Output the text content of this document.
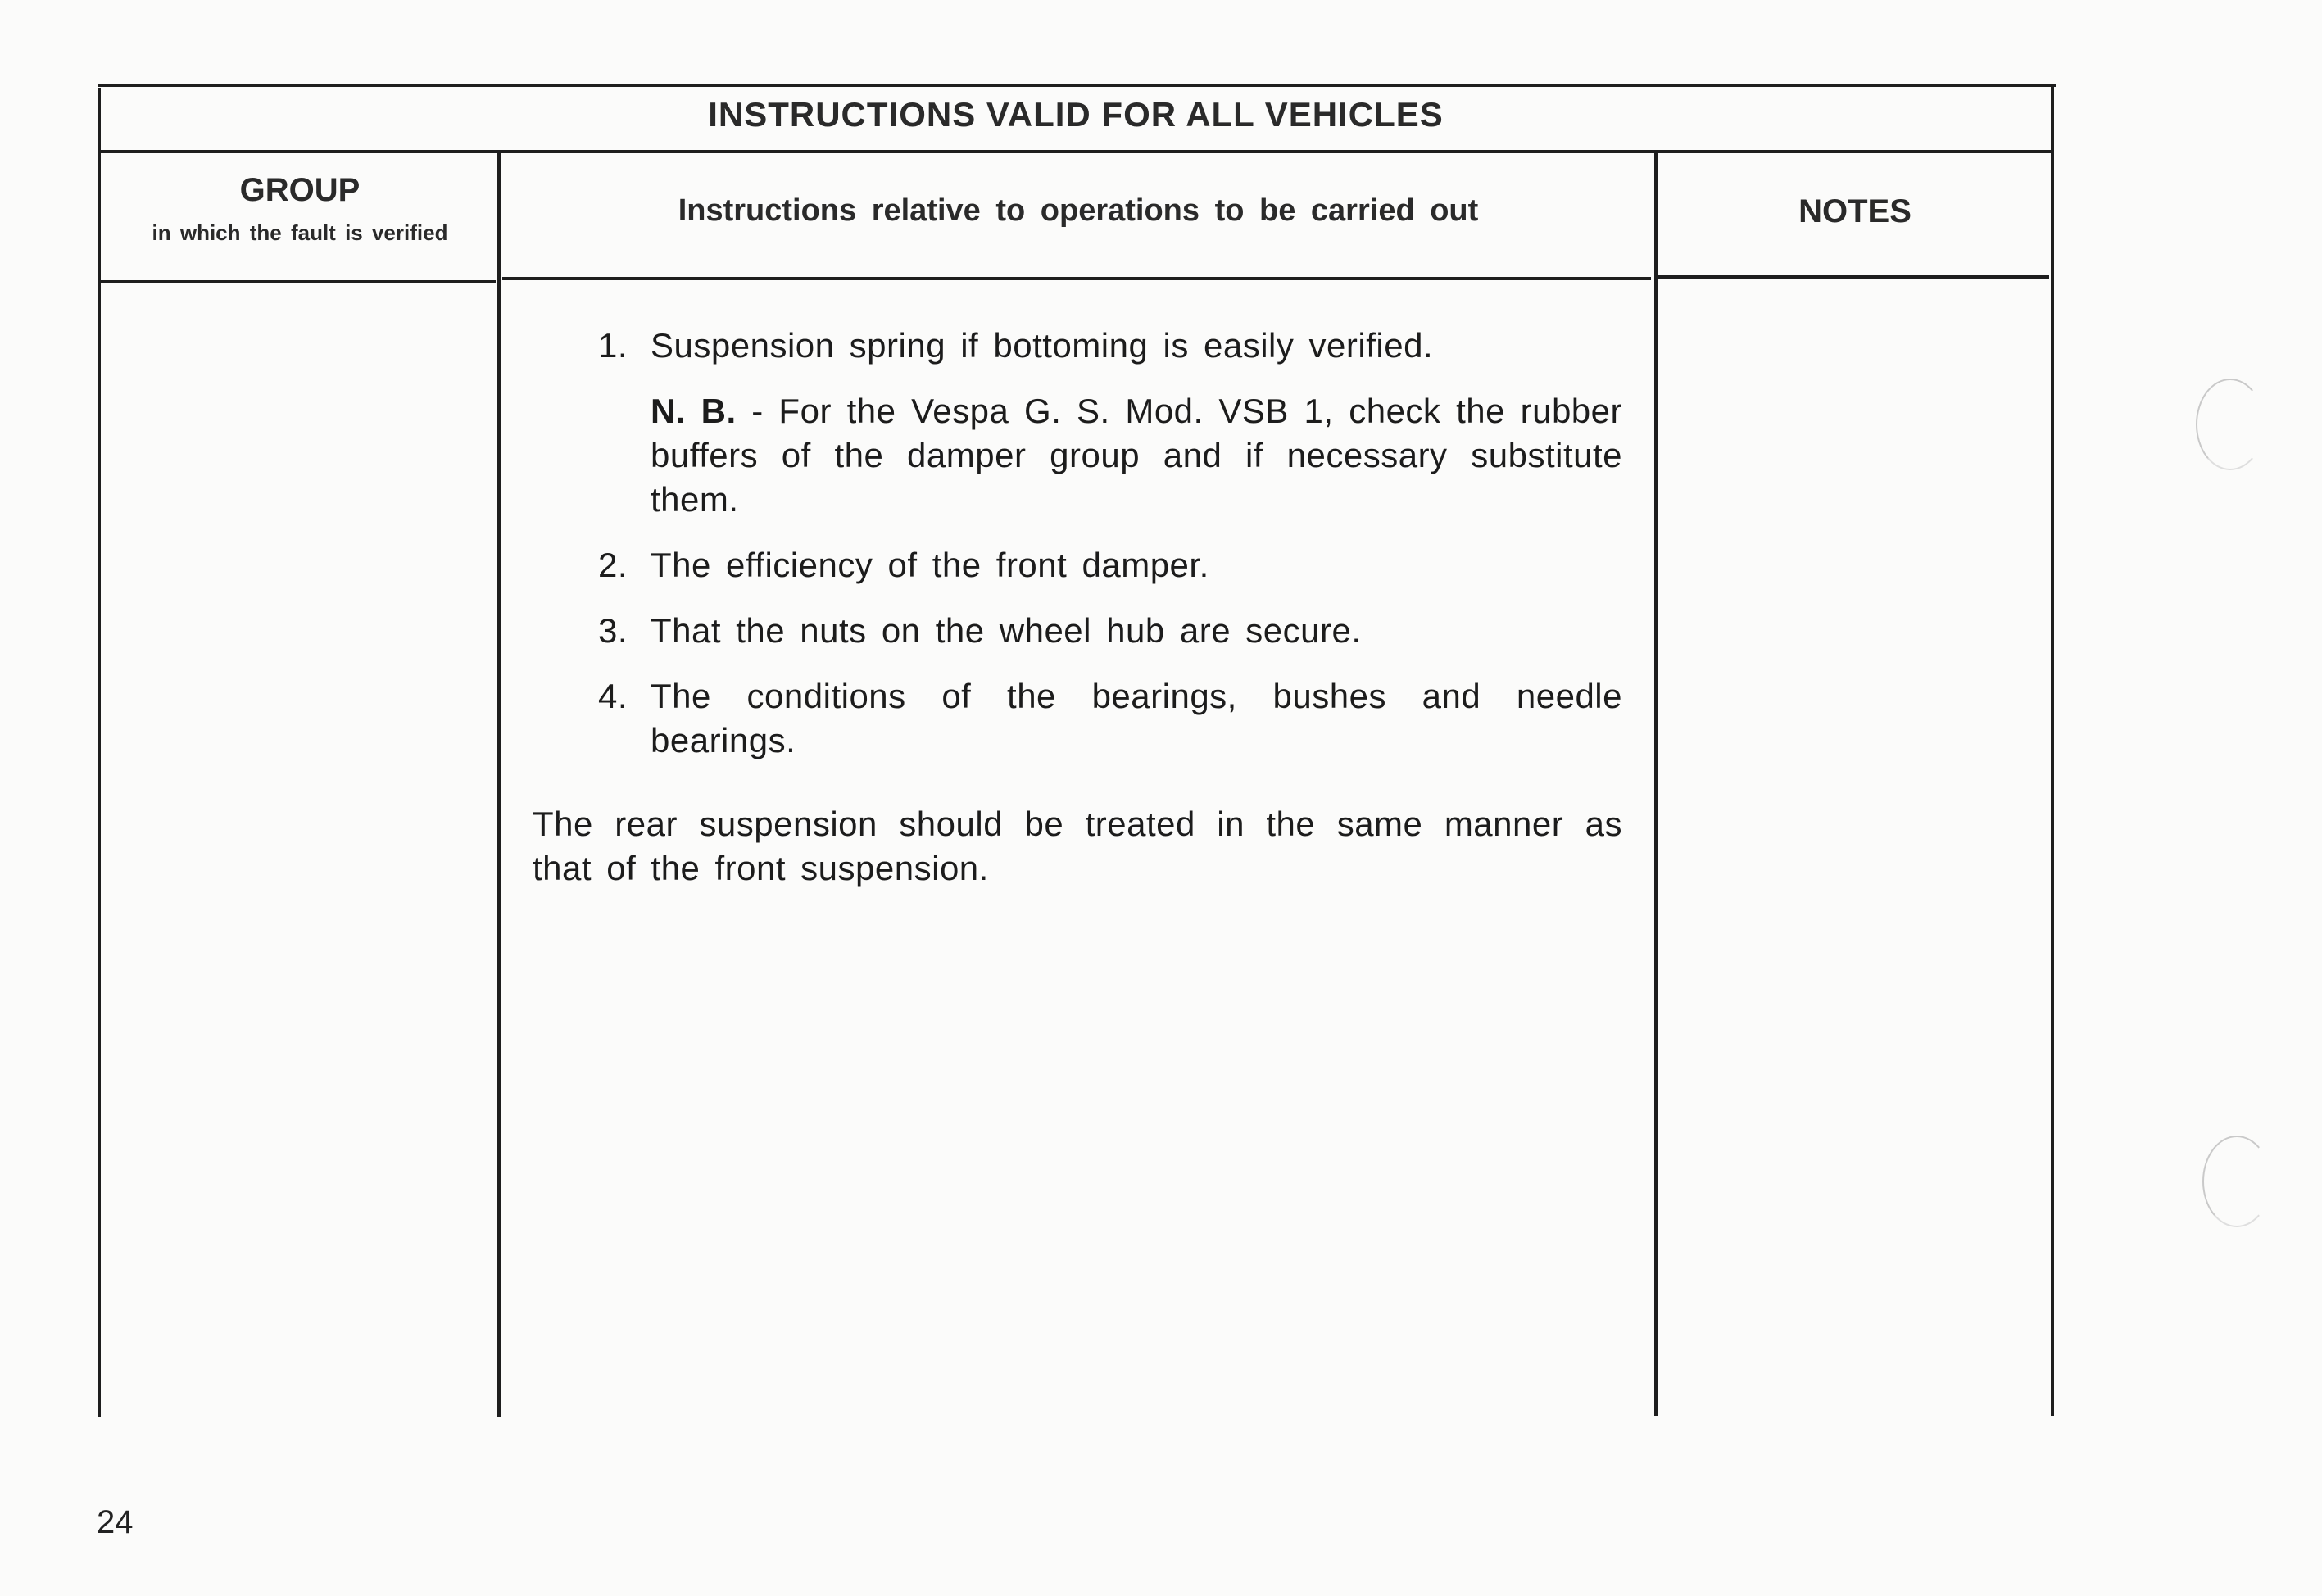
INSTRUCTIONS VALID FOR ALL VEHICLES
GROUP
in which the fault is verified
Instructions relative to operations to be carried out	NOTES
1. Suspension spring if bottoming is easily verified.
N. B. - For the Vespa G. S. Mod. VSB 1, check the rubber buffers of the damper group and if necessary substitute them.
2. The efficiency of the front damper.
3. That the nuts on the wheel hub are secure.
4. The conditions of the bearings, bushes and needle bearings.
The rear suspension should be treated in the same manner as that of the front suspension.
24
